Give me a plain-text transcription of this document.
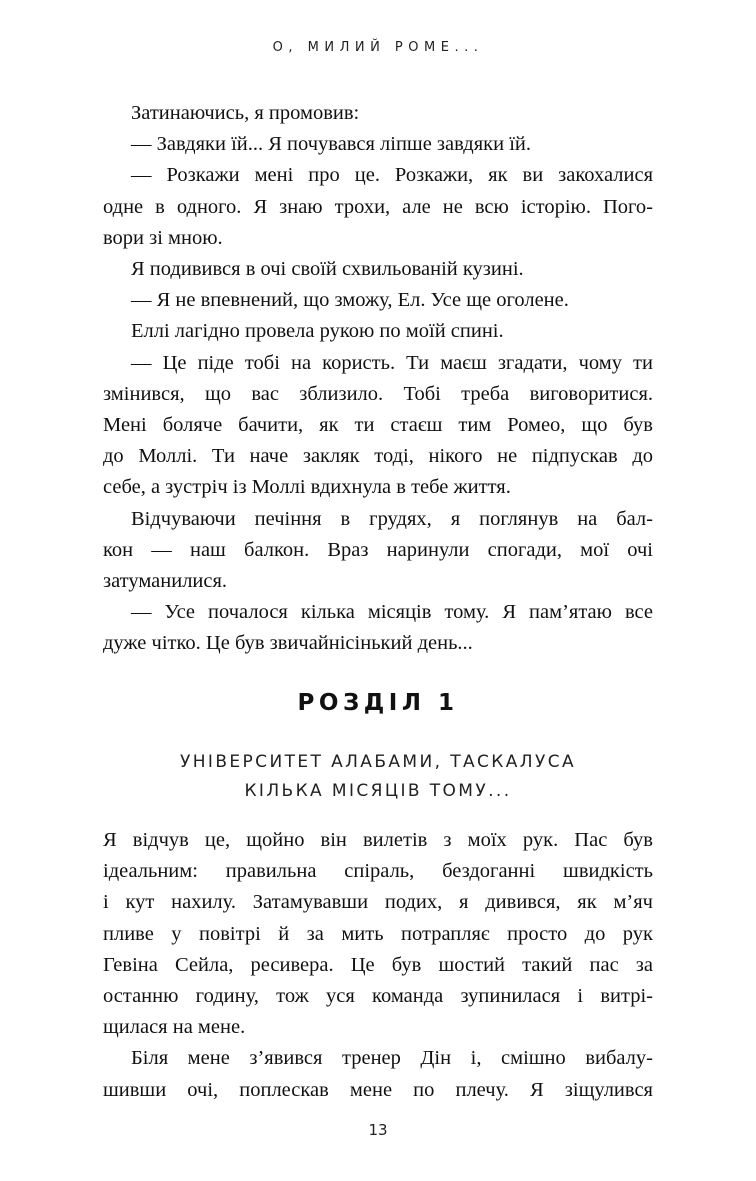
О, МИЛИЙ РОМЕ...

Затинаючись, я промовив:

— Завдяки їй... Я почувався ліпше завдяки їй.

— Розкажи мені про це. Розкажи, як ви закохалися
одне в одного. Я знаю трохи, але не всю історію. Пого-
вори зі мною.

Я подивився в очі своїй схвильованій кузині.

— Я не впевнений, що зможу, Ел. Усе ще оголене.

Еллі лагідно провела рукою по моїй спині.

— Це піде тобі на користь. Ти маєш згадати, чому ти
змінився, що вас зблизило. Тобі треба виговоритися.
Мені боляче бачити, як ти стаєш тим Ромео, що був
до Моллі. Ти наче закляк тоді, нікого не підпускав до
себе, а зустріч із Моллі вдихнула в тебе життя.

Відчуваючи печіння в грудях, я поглянув на бал-
кон — наш балкон. Враз наринули спогади, мої очі
затуманилися.

— Усе почалося кілька місяців тому. Я пам’ятаю все
дуже чітко. Це був звичайнісінький день...

РОЗДІЛ 1
УНІВЕРСИТЕТ АЛАБАМИ, ТАСКАЛУСА
КІЛЬКА МІСЯЦІВ ТОМУ...

Я відчув це, щойно він вилетів з моїх рук. Пас був
ідеальним: правильна спіраль, бездоганні швидкість
і кут нахилу. Затамувавши подих, я дивився, як м’яч
пливе у повітрі й за мить потрапляє просто до рук
Гевіна Сейла, ресивера. Це був шостий такий пас за
останню годину, тож уся команда зупинилася і витрі-
щилася на мене.

Біля мене з’явився тренер Дін і, смішно вибалу-
шивши очі, поплескав мене по плечу. Я зіщулився

13
